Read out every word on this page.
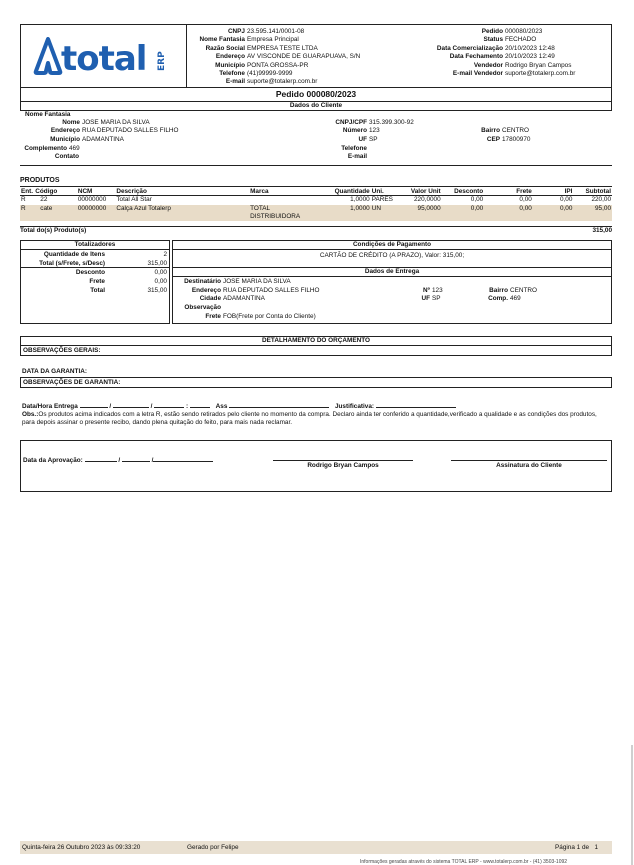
total ERP
CNPJ 23.595.141/0001-08
Nome Fantasia Empresa Principal
Razão Social EMPRESA TESTE LTDA
Endereço AV VISCONDE DE GUARAPUAVA, S/N
Município PONTA GROSSA-PR
Telefone (41)99999-9999
E-mail suporte@totalerp.com.br
Pedido 000080/2023
Status FECHADO
Data Comercialização 20/10/2023 12:48
Data Fechamento 20/10/2023 12:49
Vendedor Rodrigo Bryan Campos
E-mail Vendedor suporte@totalerp.com.br
Pedido 000080/2023
Dados do Cliente
Nome Fantasia
Nome JOSE MARIA DA SILVA
Endereço RUA DEPUTADO SALLES FILHO
Município ADAMANTINA
Complemento 469
Contato
CNPJ/CPF 315.399.300-92
Número 123
UF SP
Telefone
E-mail
Bairro CENTRO
CEP 17800970
PRODUTOS
Ent.	Código	NCM	Descrição	Marca	Quantidade	Uni.	Valor Unit	Desconto	Frete	IPI	Subtotal
R	22	00000000	Total All Star		1,0000	PARES	220,0000	0,00	0,00	0,00	220,00
R	cate	00000000	Calça Azul Totalerp	TOTAL DISTRIBUIDORA	1,0000	UN	95,0000	0,00	0,00	0,00	95,00
Total do(s) Produto(s)	315,00
Totalizadores
Quantidade de Itens	2
Total (s/Frete, s/Desc)	315,00
Desconto	0,00
Frete	0,00
Total	315,00
Condições de Pagamento
CARTÃO DE CRÉDITO (A PRAZO), Valor: 315,00;
Dados de Entrega
Destinatário JOSE MARIA DA SILVA
Endereço RUA DEPUTADO SALLES FILHO
Cidade ADAMANTINA
Observação
Frete FOB(Frete por Conta do Cliente)
Nº 123
UF SP
Bairro CENTRO
Comp. 469
DETALHAMENTO DO ORÇAMENTO
OBSERVAÇÕES GERAIS:
DATA DA GARANTIA:
OBSERVAÇÕES DE GARANTIA:
Data/Hora Entrega	/	/	:	Ass	Justificativa:
Obs.:Os produtos acima indicados com a letra R, estão sendo retirados pelo cliente no momento da compra. Declaro ainda ter conferido a quantidade,verificado a qualidade e as condições dos produtos, para depois assinar o presente recibo, dando plena quitação do feito, para mais nada reclamar.
Data da Aprovação:	/	/
Rodrigo Bryan Campos	Assinatura do Cliente
Quinta-feira 26 Outubro 2023 às 09:33:20	Gerado por Felipe	Página 1 de   1
Informações geradas através do sistema TOTAL ERP - www.totalerp.com.br - (41) 3503-1092
